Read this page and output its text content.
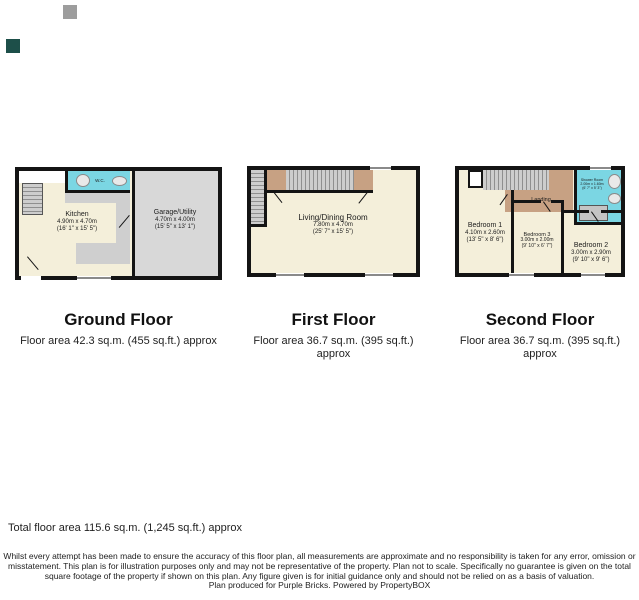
W.C.
Kitchen
4.90m x 4.70m
(16' 1" x 15' 5")
Garage/Utility
4.70m x 4.00m
(15' 5" x 13' 1")
Living/Dining Room
7.80m x 4.70m
(25' 7" x 15' 5")
Shower Room
2.00m x 1.60m
(6' 7" x 5' 3")
Bedroom 1
4.10m x 2.60m
(13' 5" x 8' 6")
Bedroom 3
3.00m x 2.00m
(9' 10" x 6' 7")	Bedroom 2
3.00m x 2.90m
(9' 10" x 9' 6")
Landing
Ground Floor
Floor area 42.3 sq.m. (455 sq.ft.) approx
First Floor
Floor area 36.7 sq.m. (395 sq.ft.) approx
Second Floor
Floor area 36.7 sq.m. (395 sq.ft.) approx
Total floor area 115.6 sq.m. (1,245 sq.ft.) approx
Whilst every attempt has been made to ensure the accuracy of this floor plan, all measurements are approximate and no responsibility is taken for any error, omission or misstatement. This plan is for illustration purposes only and may not be representative of the property. Plan not to scale. Specifically no guarantee is given on the total square footage of the property if shown on this plan. Any figure given is for initial guidance only and should not be relied on as a basis of valuation.
Plan produced for Purple Bricks. Powered by PropertyBOX
